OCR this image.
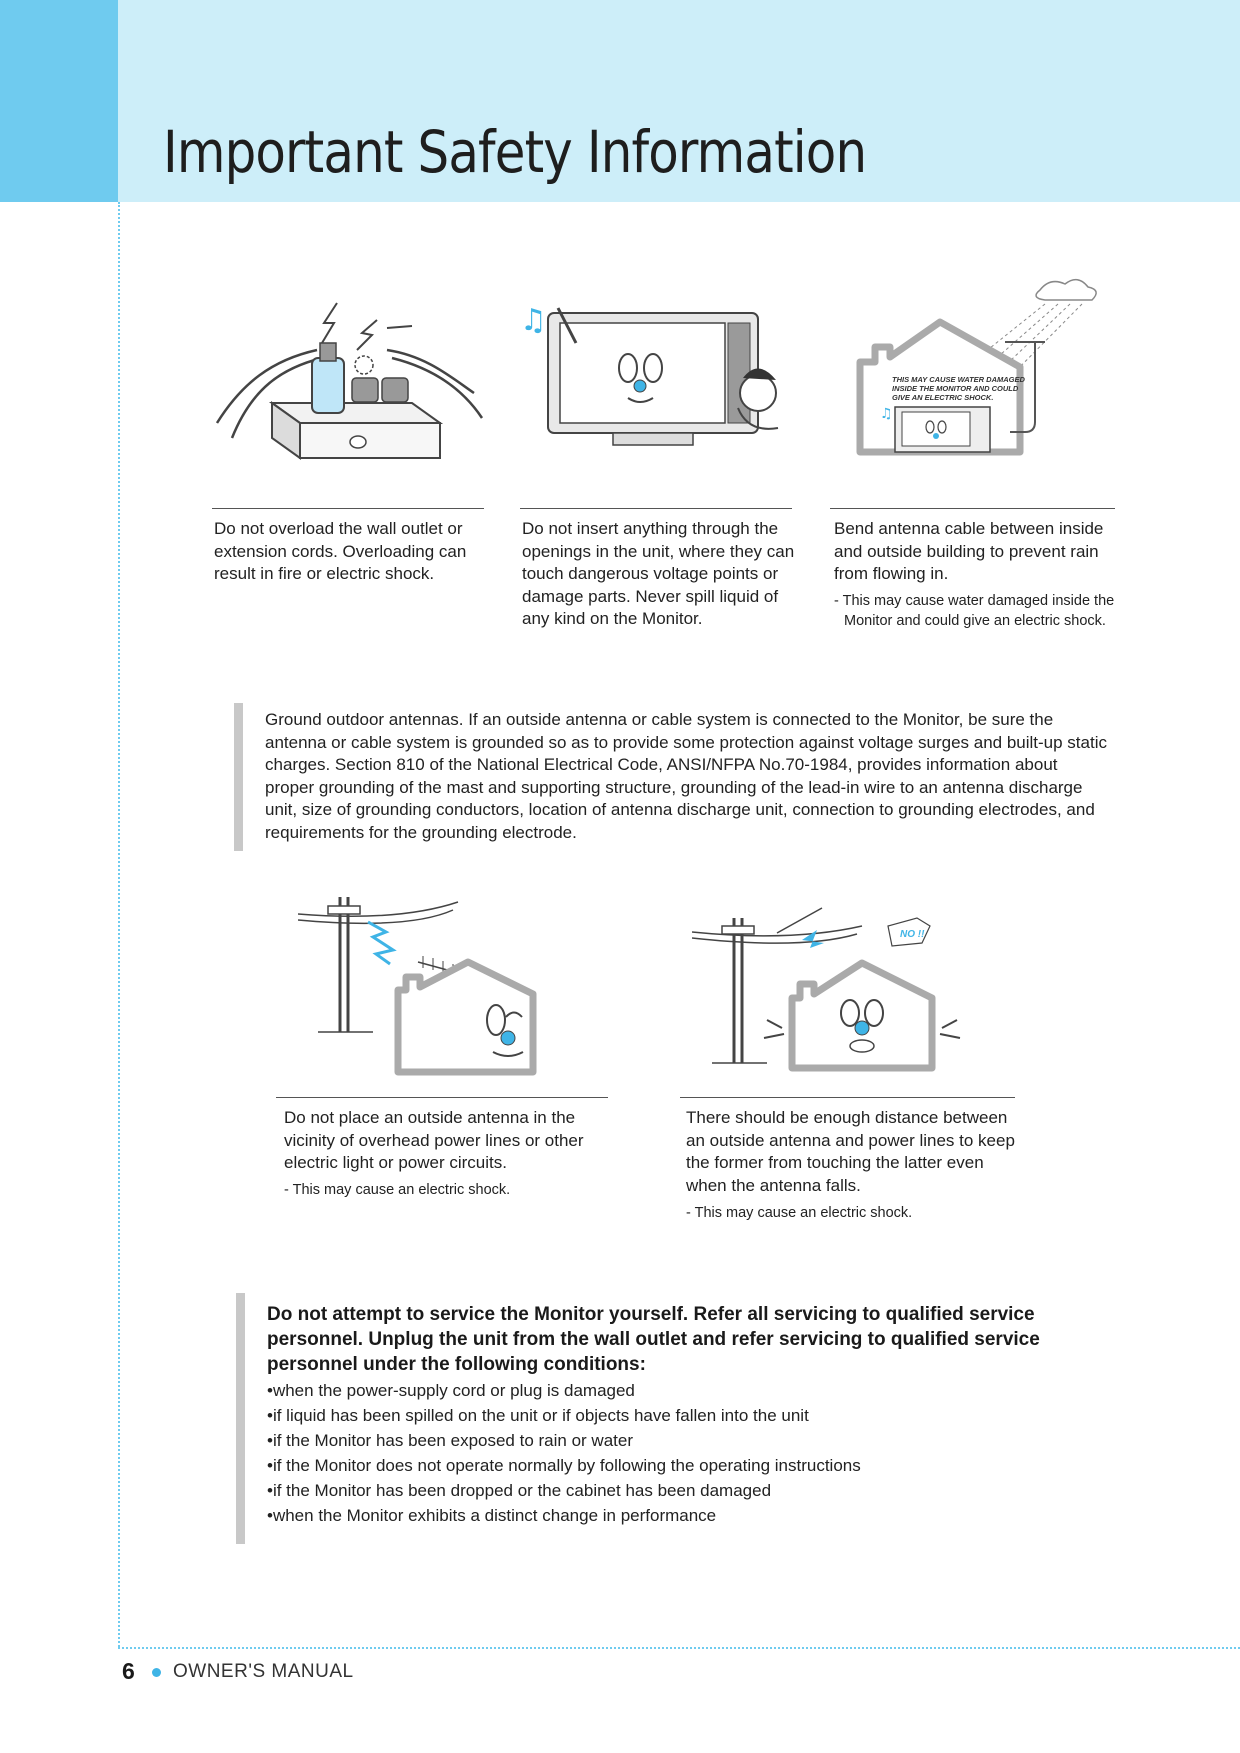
Important Safety Information
♫
THIS MAY CAUSE WATER DAMAGED
INSIDE THE MONITOR AND COULD
GIVE AN ELECTRIC SHOCK.
♫
Do not overload the wall outlet or extension cords. Overloading can result in fire or electric shock.
Do not insert anything through the openings in the unit, where they can touch dangerous voltage points or damage parts. Never spill liquid of any kind on the Monitor.
Bend antenna cable between inside and outside building to prevent rain from flowing in.
- This may cause water damaged inside the Monitor and could give an electric shock.
Ground outdoor antennas. If an outside antenna or cable system is connected to the Monitor, be sure the antenna or cable system is grounded so as to provide some protection against voltage surges and built-up static charges. Section 810 of the National Electrical Code, ANSI/NFPA No.70-1984, provides information about proper grounding of the mast and supporting structure, grounding of the lead-in wire to an antenna discharge unit, size of grounding conductors, location of antenna discharge unit, connection to grounding electrodes, and requirements for the grounding electrode.
NO !!
Do not place an outside antenna in the vicinity of overhead power lines or other electric light or power circuits.
- This may cause an electric shock.
There should be enough distance between an outside antenna and power lines to keep the former from touching the latter even when the antenna falls.
- This may cause an electric shock.
Do not attempt to service the Monitor yourself. Refer all servicing to qualified service personnel. Unplug the unit from the wall outlet and refer servicing to qualified service personnel under the following conditions:
• when the power-supply cord or plug is damaged
• if liquid has been spilled on the unit or if objects have fallen into the unit
• if the Monitor has been exposed to rain or water
• if the Monitor does not operate normally by following the operating instructions
• if the Monitor has been dropped or the cabinet has been damaged
• when the Monitor exhibits a distinct change in performance
6 OWNER'S MANUAL
